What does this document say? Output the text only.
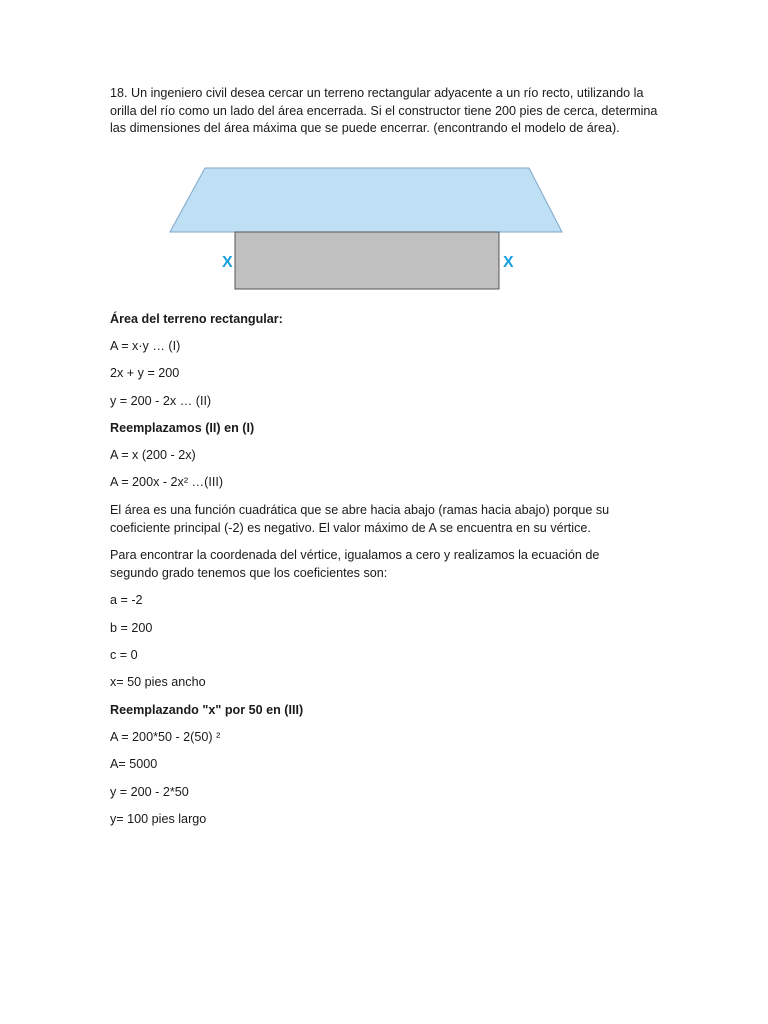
18. Un ingeniero civil desea cercar un terreno rectangular adyacente a un río recto, utilizando la orilla del río como un lado del área encerrada. Si el constructor tiene 200 pies de cerca, determina las dimensiones del área máxima que se puede encerrar. (encontrando el modelo de área).

X	X

Área del terreno rectangular:

A = x·y … (I)

2x + y = 200

y = 200 - 2x … (II)

Reemplazamos (II) en (I)

A = x (200 - 2x)

A = 200x - 2x² …(III)

El área es una función cuadrática que se abre hacia abajo (ramas hacia abajo) porque su coeficiente principal (-2) es negativo. El valor máximo de A se encuentra en su vértice.

Para encontrar la coordenada del vértice, igualamos a cero y realizamos la ecuación de segundo grado tenemos que los coeficientes son:

a = -2

b = 200

c = 0

x= 50 pies ancho

Reemplazando "x" por 50 en (III)

A = 200*50 - 2(50) ²

A= 5000

y = 200 - 2*50

y= 100 pies largo
